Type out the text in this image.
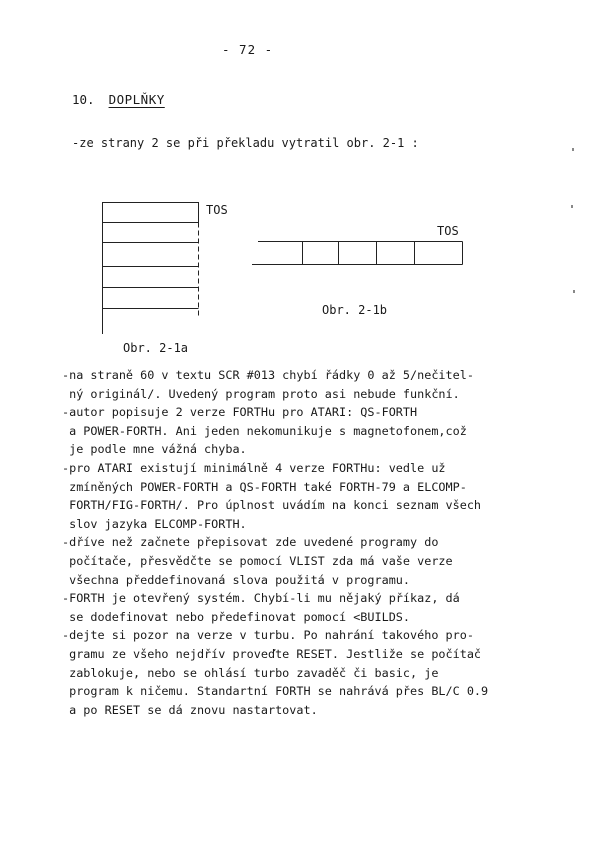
- 72 -
10. DOPLŇKY
-ze strany 2 se při překladu vytratil obr. 2-1 :
TOS
Obr. 2-1a
TOS
Obr. 2-1b
-na straně 60 v textu SCR #013 chybí řádky 0 až 5/nečitel-
ný originál/. Uvedený program proto asi nebude funkční.
-autor popisuje 2 verze FORTHu pro ATARI: QS-FORTH
a POWER-FORTH. Ani jeden nekomunikuje s magnetofonem,což
je podle mne vážná chyba.
-pro ATARI existují minimálně 4 verze FORTHu: vedle už
zmíněných POWER-FORTH a QS-FORTH také FORTH-79 a ELCOMP-
FORTH/FIG-FORTH/. Pro úplnost uvádím na konci seznam všech
slov jazyka ELCOMP-FORTH.
-dříve než začnete přepisovat zde uvedené programy do
počítače, přesvědčte se pomocí VLIST zda má vaše verze
všechna předdefinovaná slova použitá v programu.
-FORTH je otevřený systém. Chybí-li mu nějaký příkaz, dá
se dodefinovat nebo předefinovat pomocí <BUILDS.
-dejte si pozor na verze v turbu. Po nahrání takového pro-
gramu ze všeho nejdřív proveďte RESET. Jestliže se počítač
zablokuje, nebo se ohlásí turbo zavaděč či basic, je
program k ničemu. Standartní FORTH se nahrává přes BL/C 0.9
a po RESET se dá znovu nastartovat.
